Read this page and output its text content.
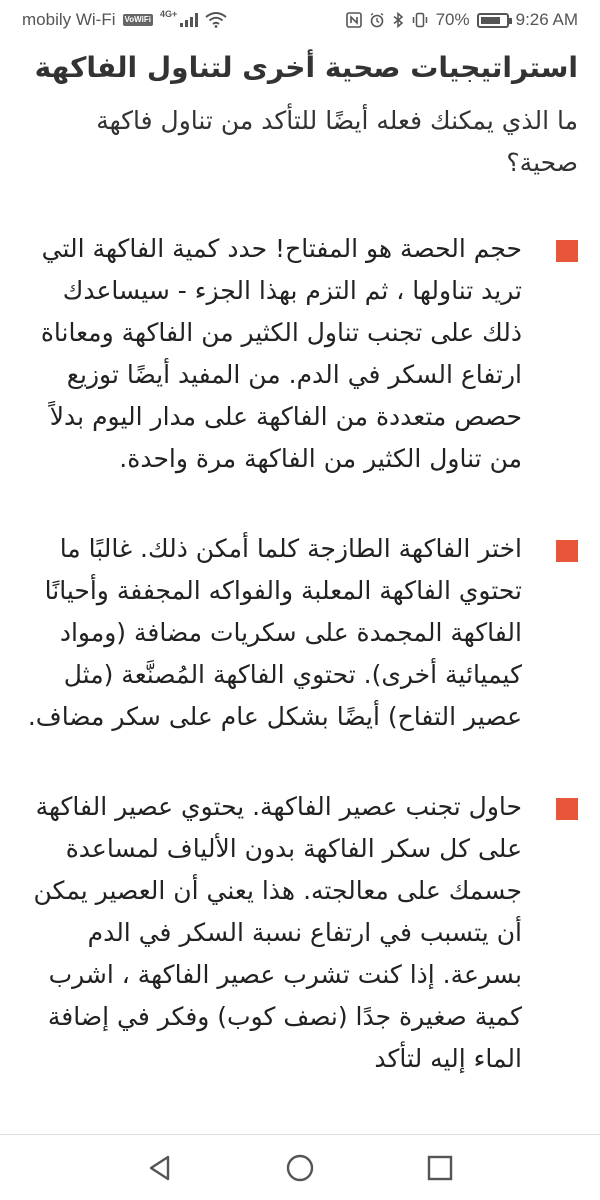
mobily Wi-Fi VoWiFi
4G+	70%	9:26 AM
استراتيجيات صحية أخرى لتناول الفاكهة

ما الذي يمكنك فعله أيضًا للتأكد من تناول فاكهة صحية؟

حجم الحصة هو المفتاح! حدد كمية الفاكهة التي تريد تناولها ، ثم التزم بهذا الجزء - سيساعدك ذلك على تجنب تناول الكثير من الفاكهة ومعاناة ارتفاع السكر في الدم. من المفيد أيضًا توزيع حصص متعددة من الفاكهة على مدار اليوم بدلاً من تناول الكثير من الفاكهة مرة واحدة.
اختر الفاكهة الطازجة كلما أمكن ذلك. غالبًا ما تحتوي الفاكهة المعلبة والفواكه المجففة وأحيانًا الفاكهة المجمدة على سكريات مضافة (ومواد كيميائية أخرى). تحتوي الفاكهة المُصنَّعة (مثل عصير التفاح) أيضًا بشكل عام على سكر مضاف.
حاول تجنب عصير الفاكهة. يحتوي عصير الفاكهة على كل سكر الفاكهة بدون الألياف لمساعدة جسمك على معالجته. هذا يعني أن العصير يمكن أن يتسبب في ارتفاع نسبة السكر في الدم بسرعة. إذا كنت تشرب عصير الفاكهة ، اشرب كمية صغيرة جدًا (نصف كوب) وفكر في إضافة الماء إليه لتأكد
